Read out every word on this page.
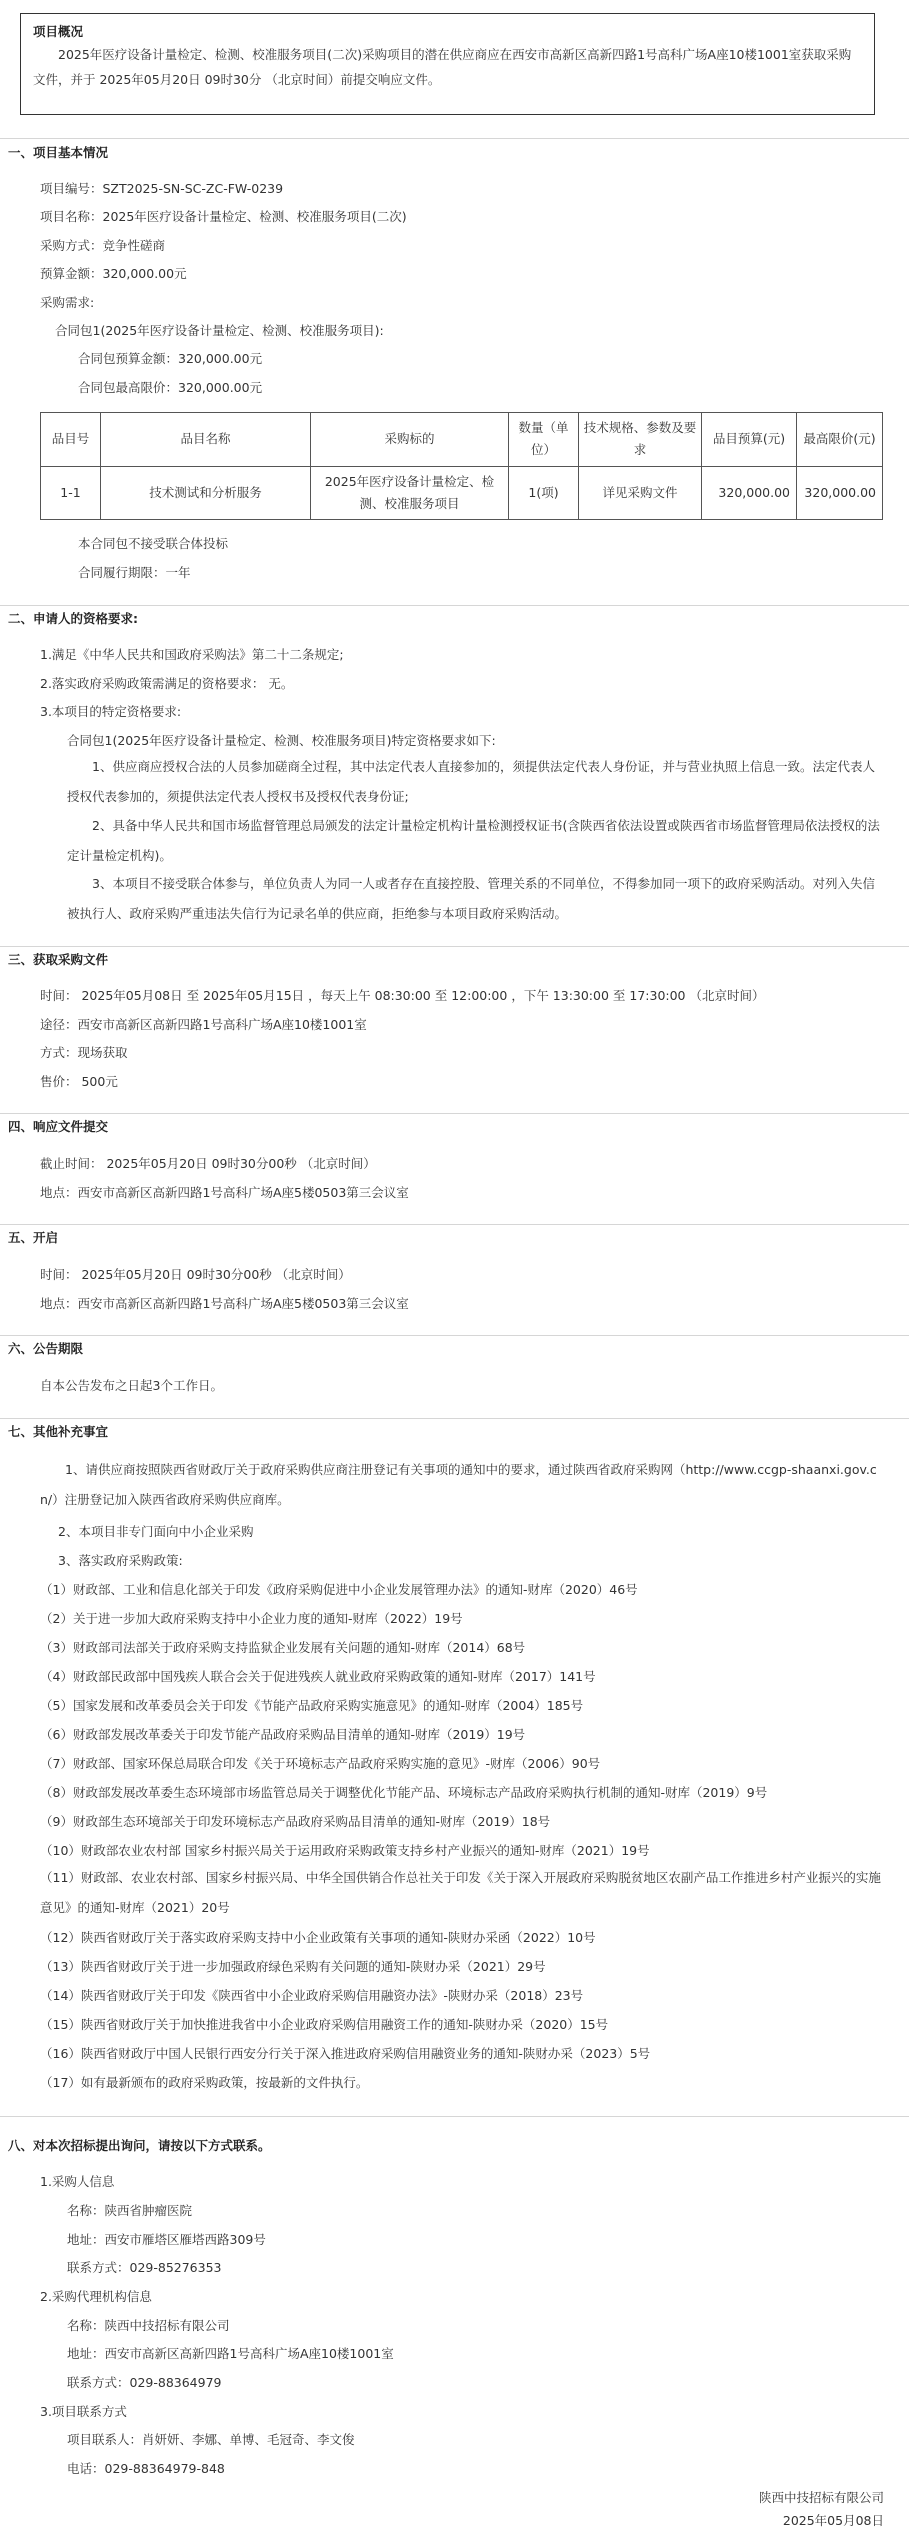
项目概况
2025年医疗设备计量检定、检测、校准服务项目(二次)采购项目的潜在供应商应在西安市高新区高新四路1号高科广场A座10楼1001室获取采购文件，并于 2025年05月20日 09时30分 （北京时间）前提交响应文件。
一、项目基本情况
项目编号：SZT2025-SN-SC-ZC-FW-0239
项目名称：2025年医疗设备计量检定、检测、校准服务项目(二次)
采购方式：竞争性磋商
预算金额：320,000.00元
采购需求:
合同包1(2025年医疗设备计量检定、检测、校准服务项目):
合同包预算金额：320,000.00元
合同包最高限价：320,000.00元
品目号	品目名称	采购标的	数量（单位）	技术规格、参数及要求	品目预算(元)	最高限价(元)
1-1	技术测试和分析服务	2025年医疗设备计量检定、检测、校准服务项目	1(项)	详见采购文件	320,000.00	320,000.00
本合同包不接受联合体投标
合同履行期限：一年
二、申请人的资格要求:
1.满足《中华人民共和国政府采购法》第二十二条规定;
2.落实政府采购政策需满足的资格要求： 无。
3.本项目的特定资格要求:
合同包1(2025年医疗设备计量检定、检测、校准服务项目)特定资格要求如下:
1、供应商应授权合法的人员参加磋商全过程，其中法定代表人直接参加的，须提供法定代表人身份证，并与营业执照上信息一致。法定代表人授权代表参加的，须提供法定代表人授权书及授权代表身份证;
2、具备中华人民共和国市场监督管理总局颁发的法定计量检定机构计量检测授权证书(含陕西省依法设置或陕西省市场监督管理局依法授权的法定计量检定机构)。
3、本项目不接受联合体参与，单位负责人为同一人或者存在直接控股、管理关系的不同单位，不得参加同一项下的政府采购活动。对列入失信被执行人、政府采购严重违法失信行为记录名单的供应商，拒绝参与本项目政府采购活动。
三、获取采购文件
时间： 2025年05月08日 至 2025年05月15日 ，每天上午 08:30:00 至 12:00:00 ，下午 13:30:00 至 17:30:00 （北京时间）
途径：西安市高新区高新四路1号高科广场A座10楼1001室
方式：现场获取
售价： 500元
四、响应文件提交
截止时间： 2025年05月20日 09时30分00秒 （北京时间）
地点：西安市高新区高新四路1号高科广场A座5楼0503第三会议室
五、开启
时间： 2025年05月20日 09时30分00秒 （北京时间）
地点：西安市高新区高新四路1号高科广场A座5楼0503第三会议室
六、公告期限
自本公告发布之日起3个工作日。
七、其他补充事宜
1、请供应商按照陕西省财政厅关于政府采购供应商注册登记有关事项的通知中的要求，通过陕西省政府采购网（http://www.ccgp-shaanxi.gov.cn/）注册登记加入陕西省政府采购供应商库。
2、本项目非专门面向中小企业采购
3、落实政府采购政策:
（1）财政部、工业和信息化部关于印发《政府采购促进中小企业发展管理办法》的通知-财库（2020）46号
（2）关于进一步加大政府采购支持中小企业力度的通知-财库（2022）19号
（3）财政部司法部关于政府采购支持监狱企业发展有关问题的通知-财库（2014）68号
（4）财政部民政部中国残疾人联合会关于促进残疾人就业政府采购政策的通知-财库（2017）141号
（5）国家发展和改革委员会关于印发《节能产品政府采购实施意见》的通知-财库（2004）185号
（6）财政部发展改革委关于印发节能产品政府采购品目清单的通知-财库（2019）19号
（7）财政部、国家环保总局联合印发《关于环境标志产品政府采购实施的意见》-财库（2006）90号
（8）财政部发展改革委生态环境部市场监管总局关于调整优化节能产品、环境标志产品政府采购执行机制的通知-财库（2019）9号
（9）财政部生态环境部关于印发环境标志产品政府采购品目清单的通知-财库（2019）18号
（10）财政部农业农村部 国家乡村振兴局关于运用政府采购政策支持乡村产业振兴的通知-财库（2021）19号
（11）财政部、农业农村部、国家乡村振兴局、中华全国供销合作总社关于印发《关于深入开展政府采购脱贫地区农副产品工作推进乡村产业振兴的实施意见》的通知-财库（2021）20号
（12）陕西省财政厅关于落实政府采购支持中小企业政策有关事项的通知-陕财办采函（2022）10号
（13）陕西省财政厅关于进一步加强政府绿色采购有关问题的通知-陕财办采（2021）29号
（14）陕西省财政厅关于印发《陕西省中小企业政府采购信用融资办法》-陕财办采（2018）23号
（15）陕西省财政厅关于加快推进我省中小企业政府采购信用融资工作的通知-陕财办采（2020）15号
（16）陕西省财政厅中国人民银行西安分行关于深入推进政府采购信用融资业务的通知-陕财办采（2023）5号
（17）如有最新颁布的政府采购政策，按最新的文件执行。
八、对本次招标提出询问，请按以下方式联系。
1.采购人信息
名称：陕西省肿瘤医院
地址：西安市雁塔区雁塔西路309号
联系方式：029-85276353
2.采购代理机构信息
名称：陕西中技招标有限公司
地址：西安市高新区高新四路1号高科广场A座10楼1001室
联系方式：029-88364979
3.项目联系方式
项目联系人：肖妍妍、李娜、单博、毛冠奇、李文俊
电话：029-88364979-848
陕西中技招标有限公司
2025年05月08日
